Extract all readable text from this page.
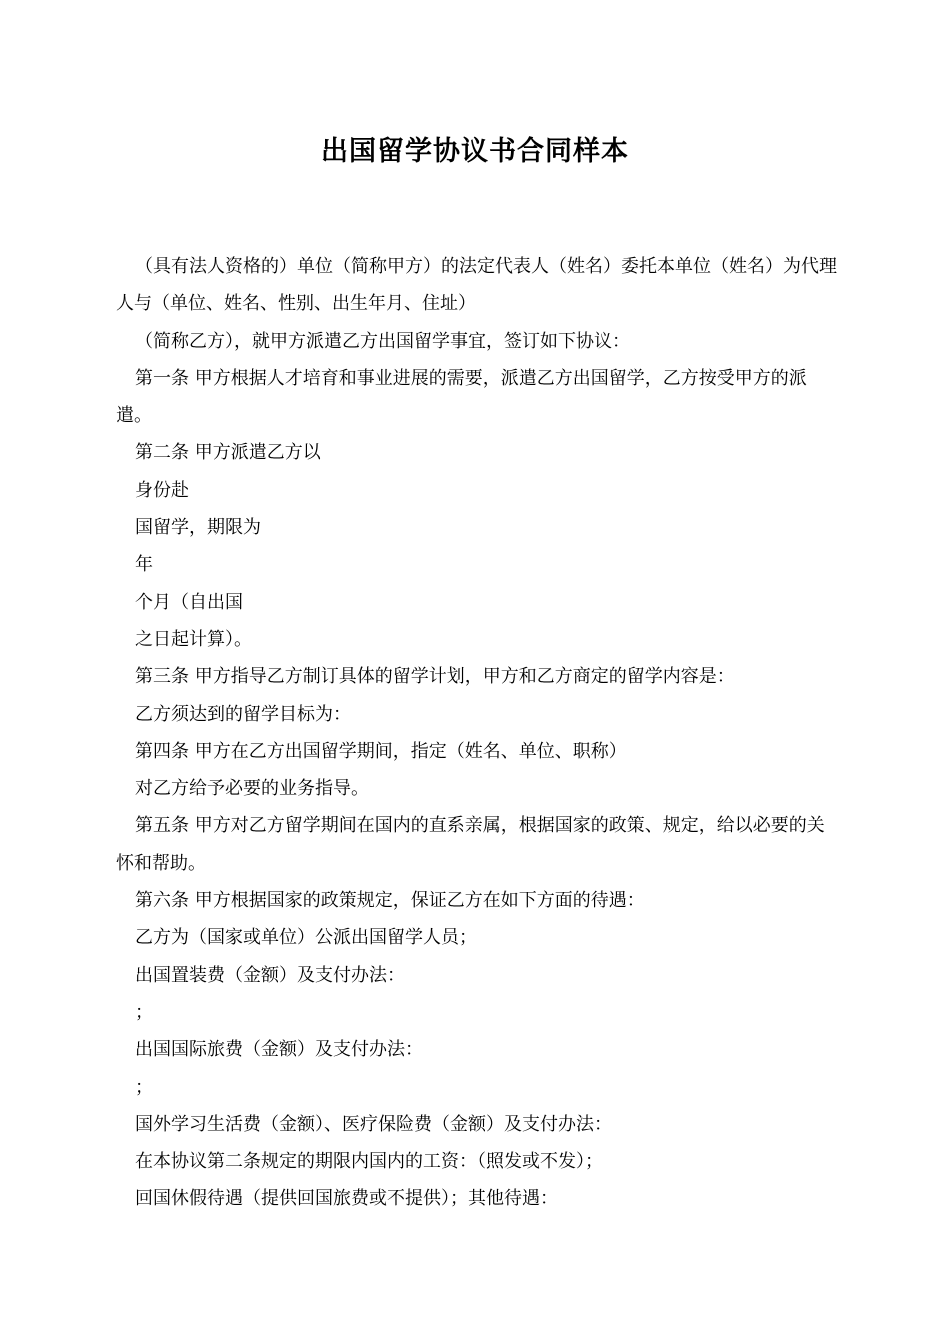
出国留学协议书合同样本

（具有法人资格的）单位（简称甲方）的法定代表人（姓名）委托本单位（姓名）为代理人与（单位、姓名、性别、出生年月、住址）

（简称乙方），就甲方派遣乙方出国留学事宜，签订如下协议：

第一条 甲方根据人才培育和事业进展的需要，派遣乙方出国留学，乙方按受甲方的派遣。

第二条 甲方派遣乙方以

身份赴

国留学，期限为

年

个月（自出国

之日起计算）。

第三条 甲方指导乙方制订具体的留学计划，甲方和乙方商定的留学内容是：

乙方须达到的留学目标为：

第四条 甲方在乙方出国留学期间，指定（姓名、单位、职称）

对乙方给予必要的业务指导。

第五条 甲方对乙方留学期间在国内的直系亲属，根据国家的政策、规定，给以必要的关怀和帮助。

第六条 甲方根据国家的政策规定，保证乙方在如下方面的待遇：

乙方为（国家或单位）公派出国留学人员；

出国置装费（金额）及支付办法：

；

出国国际旅费（金额）及支付办法：

；

国外学习生活费（金额）、医疗保险费（金额）及支付办法：

在本协议第二条规定的期限内国内的工资：（照发或不发）；

回国休假待遇（提供回国旅费或不提供）；其他待遇：
